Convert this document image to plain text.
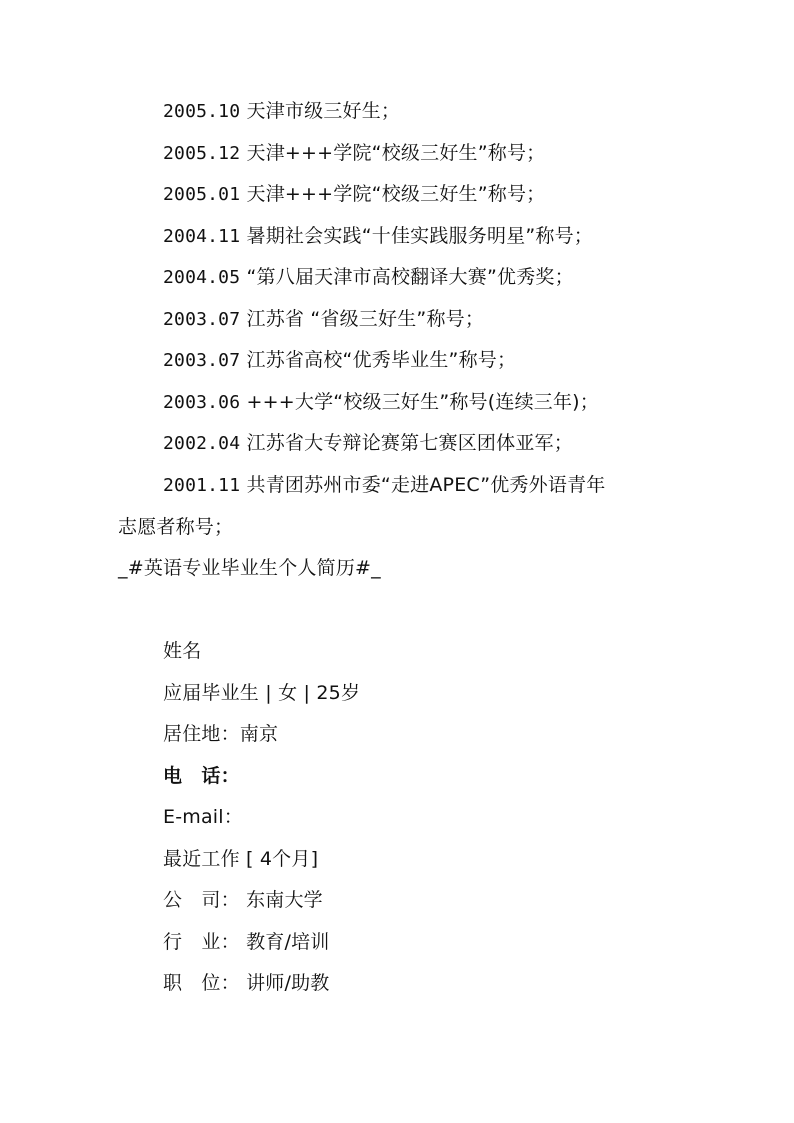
2005.10 天津市级三好生；
2005.12 天津+++学院“校级三好生”称号；
2005.01 天津+++学院“校级三好生”称号；
2004.11 暑期社会实践“十佳实践服务明星”称号；
2004.05 “第八届天津市高校翻译大赛”优秀奖；
2003.07 江苏省 “省级三好生”称号；
2003.07 江苏省高校“优秀毕业生”称号；
2003.06 +++大学“校级三好生”称号(连续三年)；
2002.04 江苏省大专辩论赛第七赛区团体亚军；
2001.11 共青团苏州市委“走进APEC”优秀外语青年
志愿者称号；
_#英语专业毕业生个人简历#_
姓名
应届毕业生 | 女 | 25岁
居住地：南京
电　话：
E-mail：
最近工作 [ 4个月]
公　司： 东南大学
行　业： 教育/培训
职　位： 讲师/助教
